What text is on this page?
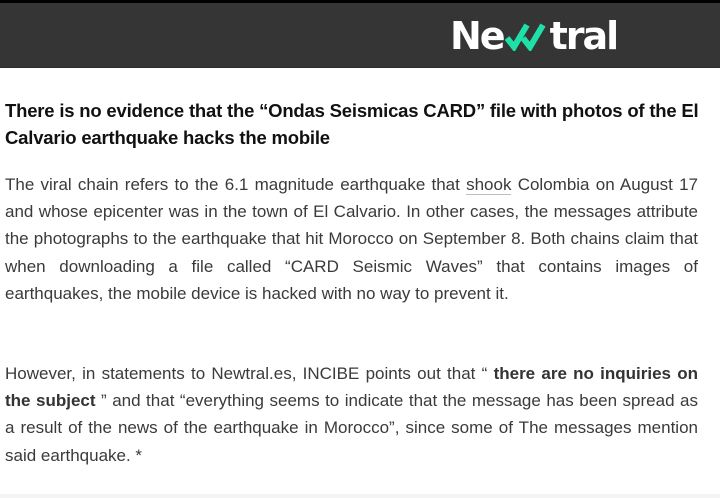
Ne tral
There is no evidence that the “Ondas Seismicas CARD” file with photos of the El Calvario earthquake hacks the mobile

The viral chain refers to the 6.1 magnitude earthquake that shook Colombia on August 17 and whose epicenter was in the town of El Calvario. In other cases, the messages attribute the photographs to the earthquake that hit Morocco on September 8. Both chains claim that when downloading a file called “CARD Seismic Waves” that contains images of earthquakes, the mobile device is hacked with no way to prevent it.

However, in statements to Newtral.es, INCIBE points out that “ there are no inquiries on the subject ” and that “everything seems to indicate that the message has been spread as a result of the news of the earthquake in Morocco”, since some of The messages mention said earthquake. *
